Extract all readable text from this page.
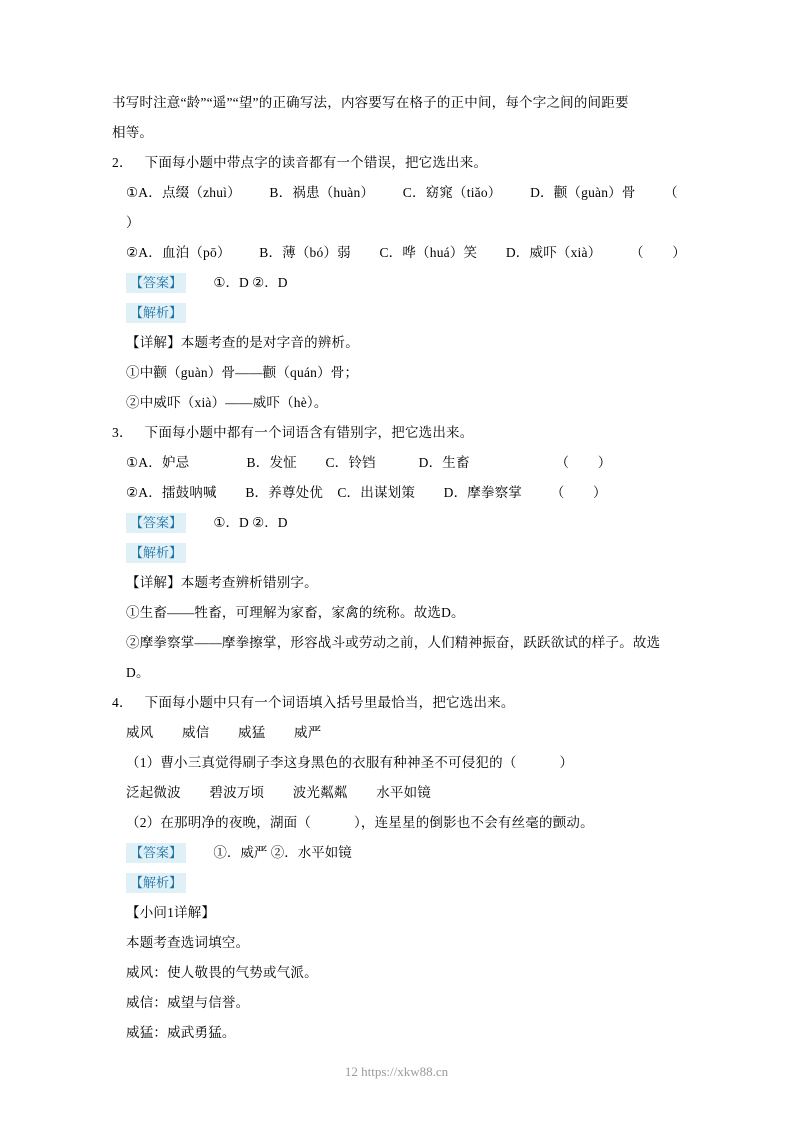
书写时注意“龄”“遥”“望”的正确写法，内容要写在格子的正中间，每个字之间的间距要
相等。
2． 下面每小题中带点字的读音都有一个错误，把它选出来。
①A．点缀（zhuì）        B．祸患（huàn）        C．窈窕（tiǎo）        D．颧（guàn）骨        （        ）
②A．血泊（pō）        B．薄（bó）弱        C．哗（huá）笑        D．威吓（xià）        （        ）
【答案】 ①．D ②．D
【解析】
【详解】本题考查的是对字音的辨析。
①中颧（guàn）骨——颧（quán）骨；
②中威吓（xià）——威吓（hè）。
3． 下面每小题中都有一个词语含有错别字，把它选出来。
①A．妒忌                B．发怔        C．铃铛            D．生畜                        （        ）
②A．擂鼓呐喊        B．养尊处优    C．出谋划策        D．摩拳察掌        （        ）
【答案】 ①．D ②．D
【解析】
【详解】本题考查辨析错别字。
①生畜——牲畜，可理解为家畜，家禽的统称。故选D。
②摩拳察掌——摩拳擦掌，形容战斗或劳动之前，人们精神振奋，跃跃欲试的样子。故选D。
4． 下面每小题中只有一个词语填入括号里最恰当，把它选出来。
威风        威信        威猛        威严
（1）曹小三真觉得刷子李这身黑色的衣服有种神圣不可侵犯的（            ）
泛起微波        碧波万顷        波光粼粼        水平如镜
（2）在那明净的夜晚，湖面（            ），连星星的倒影也不会有丝毫的颤动。
【答案】 ①．威严 ②．水平如镜
【解析】
【小问1详解】
本题考查选词填空。
威风：使人敬畏的气势或气派。
威信：威望与信誉。
威猛：威武勇猛。
12 https://xkw88.cn
